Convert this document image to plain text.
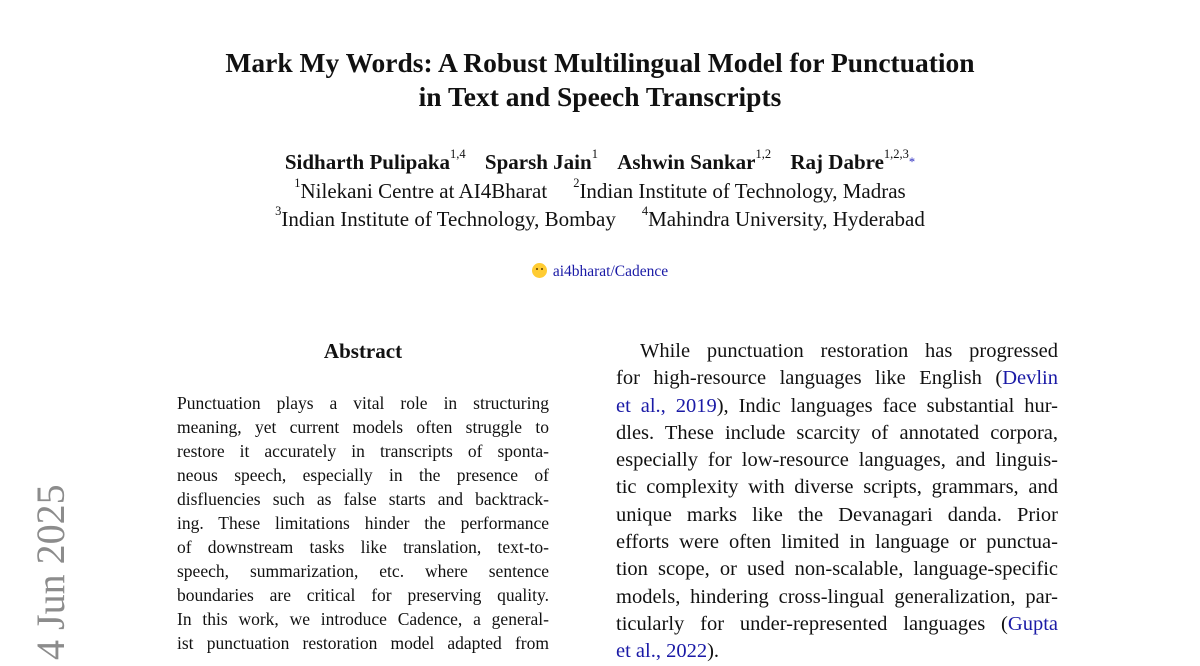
Mark My Words: A Robust Multilingual Model for Punctuation
in Text and Speech Transcripts
Sidharth Pulipaka$^{1,4}$ Sparsh Jain$^1$ Ashwin Sankar$^{1,2}$ Raj Dabre$^{1,2,3}$*
$^1$Nilekani Centre at AI4Bharat $^2$Indian Institute of Technology, Madras
$^3$Indian Institute of Technology, Bombay $^4$Mahindra University, Hyderabad
ai4bharat/Cadence
Abstract
Punctuation plays a vital role in structuring
meaning, yet current models often struggle to
restore it accurately in transcripts of sponta-
neous speech, especially in the presence of
disfluencies such as false starts and backtrack-
ing. These limitations hinder the performance
of downstream tasks like translation, text-to-
speech, summarization, etc. where sentence
boundaries are critical for preserving quality.
In this work, we introduce Cadence, a general-
ist punctuation restoration model adapted from
While punctuation restoration has progressed
for high-resource languages like English (Devlin
et al., 2019), Indic languages face substantial hur-
dles. These include scarcity of annotated corpora,
especially for low-resource languages, and linguis-
tic complexity with diverse scripts, grammars, and
unique marks like the Devanagari danda. Prior
efforts were often limited in language or punctua-
tion scope, or used non-scalable, language-specific
models, hindering cross-lingual generalization, par-
ticularly for under-represented languages (Gupta
et al., 2022).
4 Jun 2025
